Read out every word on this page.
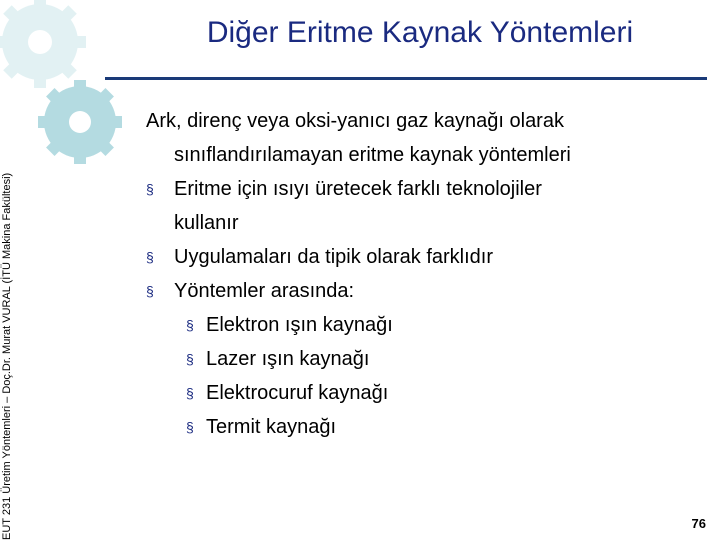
EUT 231 Üretim Yöntemleri – Doç.Dr. Murat VURAL (İTÜ Makina Fakültesi)
Diğer Eritme Kaynak Yöntemleri
Ark, direnç veya oksi-yanıcı gaz kaynağı olarak
sınıflandırılamayan eritme kaynak yöntemleri
§ Eritme için ısıyı üretecek farklı teknolojiler
kullanır
§ Uygulamaları da tipik olarak farklıdır
§ Yöntemler arasında:
§ Elektron ışın kaynağı
§ Lazer ışın kaynağı
§ Elektrocuruf kaynağı
§ Termit kaynağı
76
